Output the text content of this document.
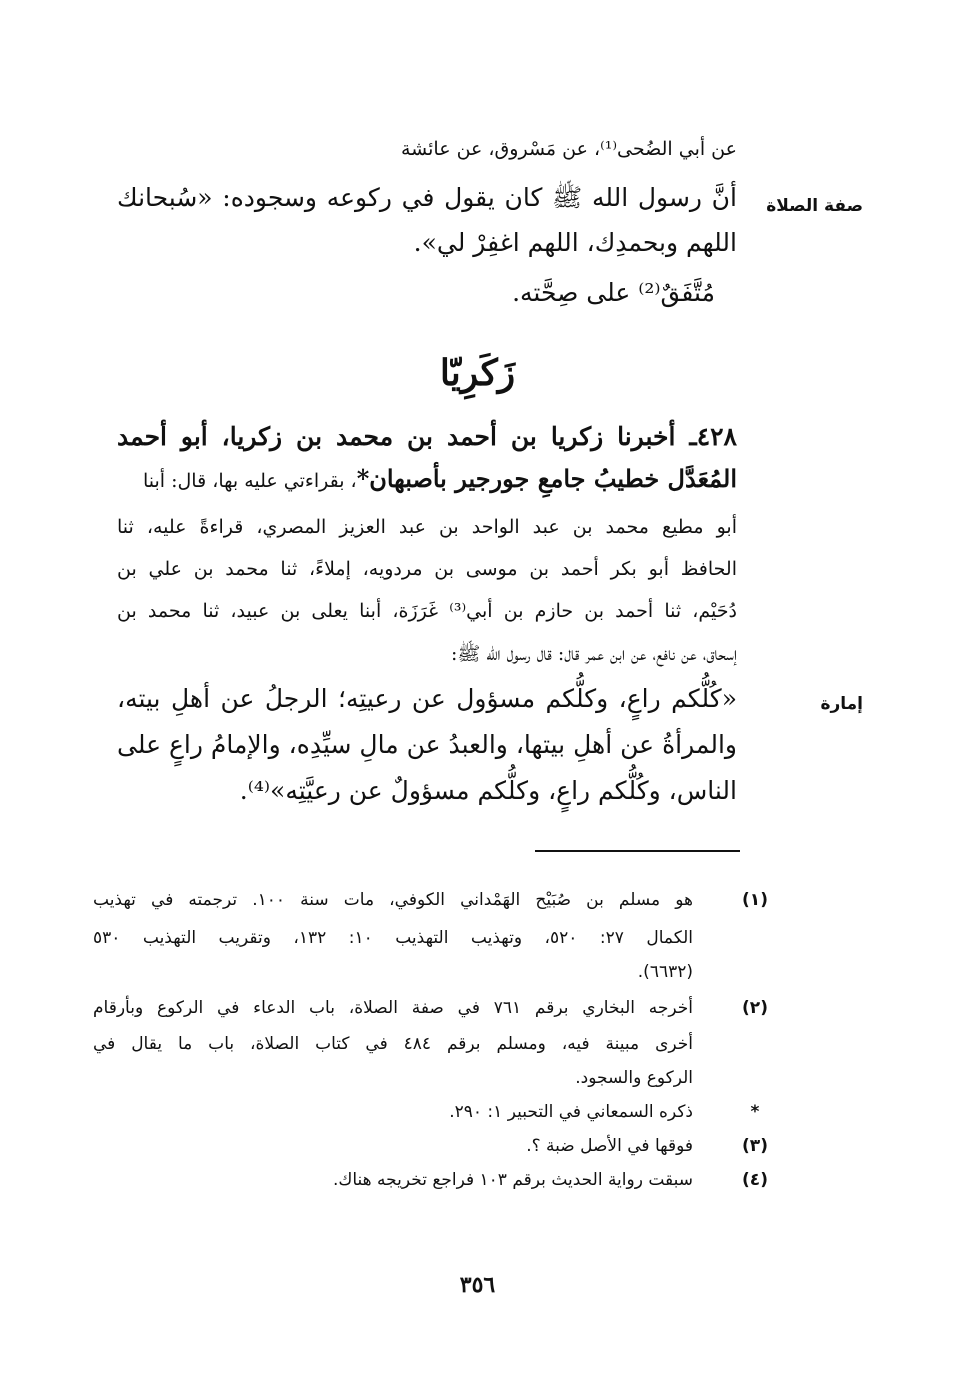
عن أبي الضُحى⁽¹⁾، عن مَسْروق، عن عائشة
صفة الصلاة
أنَّ رسول الله ﷺ كان يقول في ركوعه وسجوده: «سُبحانك
اللهم وبحمدِك، اللهم اغفِرْ لي».
مُتَّفَقٌ⁽²⁾ على صِحَّته.
زَكَرِيّا
٤٢٨ـ أخبرنا زكريا بن أحمد بن محمد بن زكريا، أبو أحمد
المُعَدَّل خطيبُ جامعِ جورجير بأصبهان*، بقراءتي عليه بها، قال: أبنا
أبو مطيع محمد بن عبد الواحد بن عبد العزيز المصري، قراءةً عليه، ثنا
الحافظ أبو بكر أحمد بن موسى بن مردويه، إملاءً، ثنا محمد بن علي بن
دُحَيْم، ثنا أحمد بن حازم بن أبي⁽³⁾ غَرَزَة، أبنا يعلى بن عبيد، ثنا محمد بن
إسحاق، عن نافع، عن ابن عمر قال: قال رسول الله ﷺ:
إمارة
«كُلُّكم راعٍ، وكلُّكم مسؤول عن رعيتِه؛ الرجلُ عن أهلِ بيته،
والمرأةُ عن أهلِ بيتها، والعبدُ عن مالِ سيِّدِه، والإمامُ راعٍ على
الناس، وكُلُّكم راعٍ، وكلُّكم مسؤولٌ عن رعيَّتِه»⁽⁴⁾.
(١)
هو مسلم بن صُبَيْح الهَمْداني الكوفي، مات سنة ١٠٠. ترجمته في تهذيب
الكمال ٢٧: ٥٢٠، وتهذيب التهذيب ١٠: ١٣٢، وتقريب التهذيب ٥٣٠
(٦٦٣٢).
(٢)
أخرجه البخاري برقم ٧٦١ في صفة الصلاة، باب الدعاء في الركوع وبأرقام
أخرى مبينة فيه، ومسلم برقم ٤٨٤ في كتاب الصلاة، باب ما يقال في
الركوع والسجود.
*
ذكره السمعاني في التحبير ١: ٢٩٠.
(٣)
فوقها في الأصل ضبة ؟.
(٤)
سبقت رواية الحديث برقم ١٠٣ فراجع تخريجه هناك.
٣٥٦
